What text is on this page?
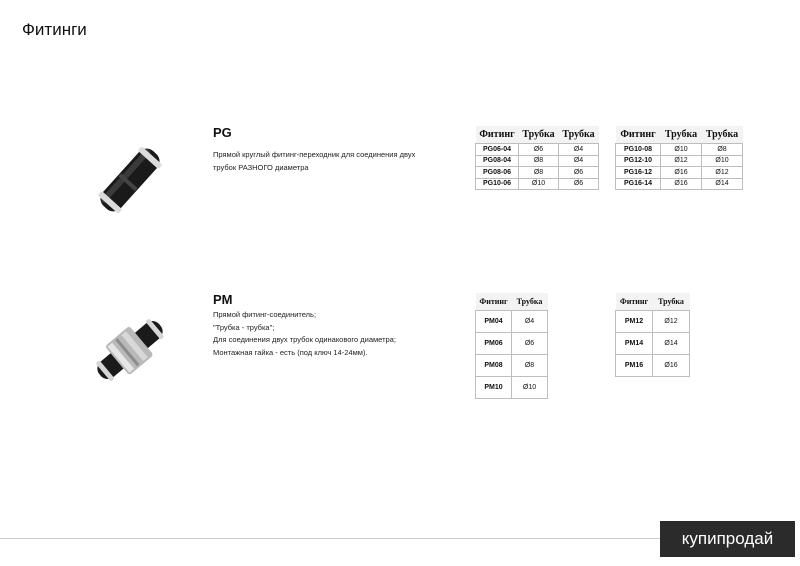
Фитинги
PG
Прямой круглый фитинг-переходник для соединения двух
трубок РАЗНОГО диаметра
Фитинг	Трубка	Трубка
PG06-04	Ø6	Ø4
PG08-04	Ø8	Ø4
PG08-06	Ø8	Ø6
PG10-06	Ø10	Ø6
Фитинг	Трубка	Трубка
PG10-08	Ø10	Ø8
PG12-10	Ø12	Ø10
PG16-12	Ø16	Ø12
PG16-14	Ø16	Ø14
PM
Прямой фитинг-соединитель;
"Трубка - трубка";
Для соединения двух трубок одинакового диаметра;
Монтажная гайка - есть (под ключ 14-24мм).
Фитинг	Трубка
PM04	Ø4
PM06	Ø6
PM08	Ø8
PM10	Ø10
Фитинг	Трубка
PM12	Ø12
PM14	Ø14
PM16	Ø16
купипродай
